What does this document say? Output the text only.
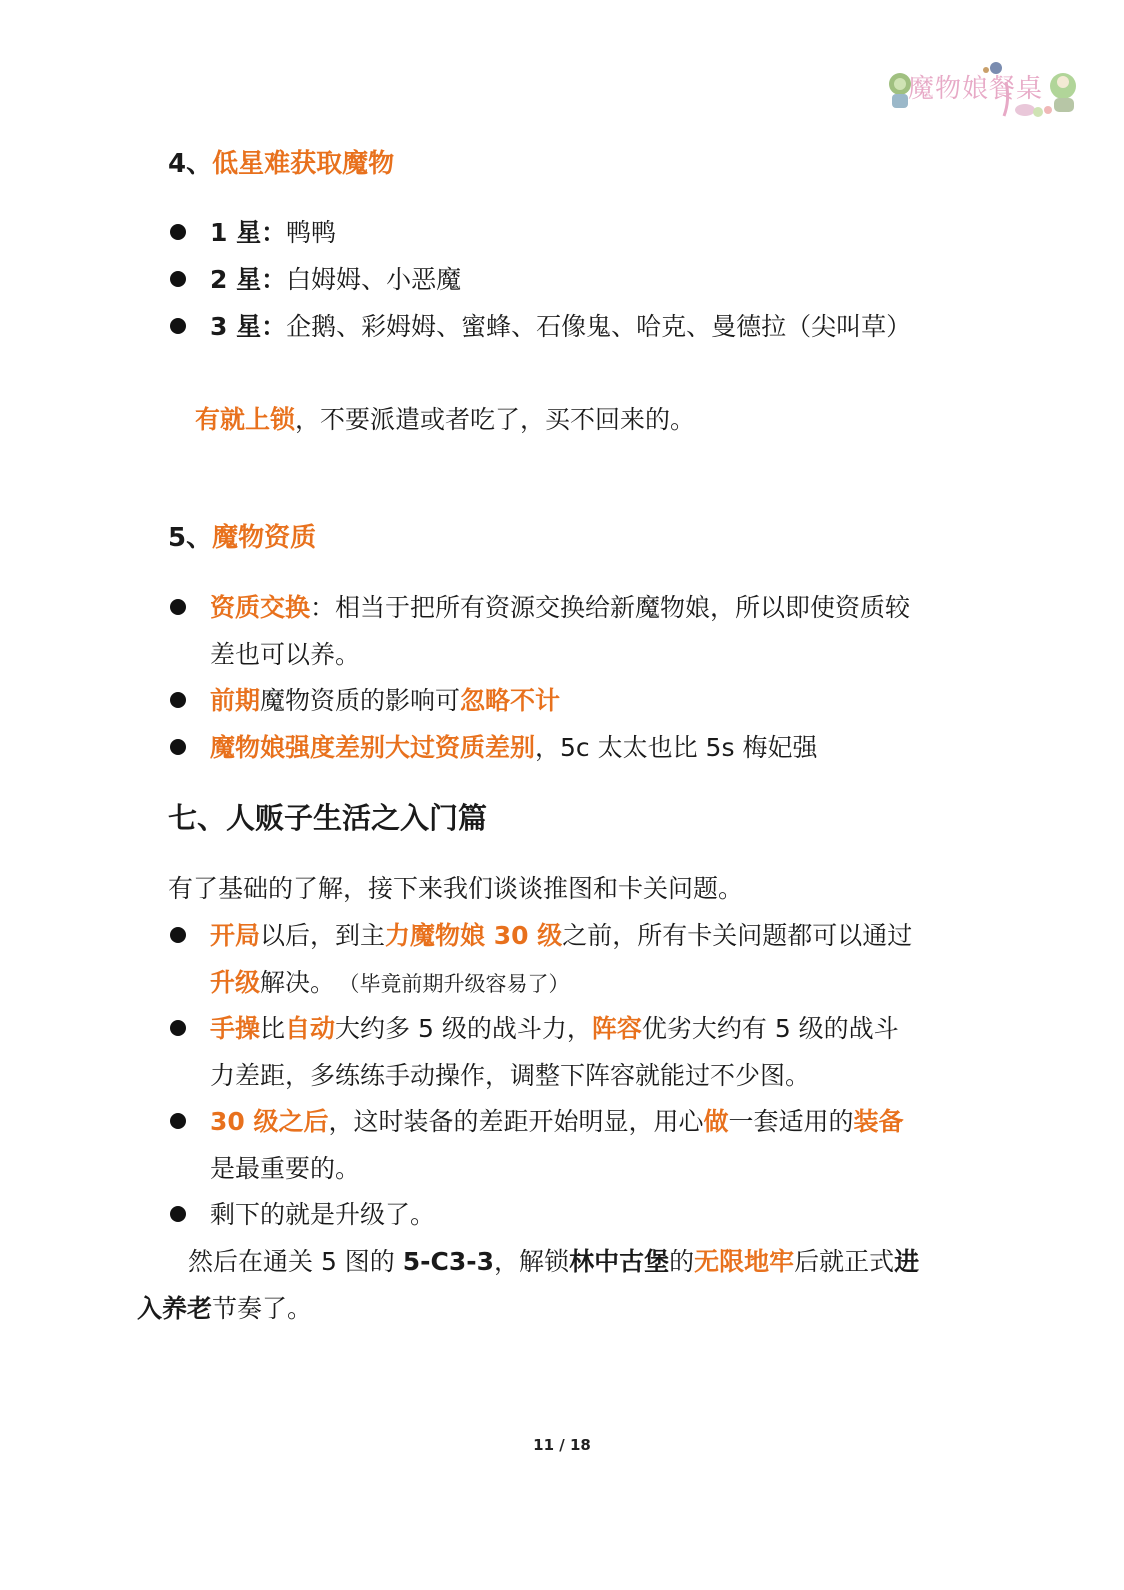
魔物娘餐桌
4、低星难获取魔物
1 星：鸭鸭
2 星：白姆姆、小恶魔
3 星：企鹅、彩姆姆、蜜蜂、石像鬼、哈克、曼德拉（尖叫草）
有就上锁，不要派遣或者吃了，买不回来的。
5、魔物资质
资质交换：相当于把所有资源交换给新魔物娘，所以即使资质较
差也可以养。
前期魔物资质的影响可忽略不计
魔物娘强度差别大过资质差别，5c 太太也比 5s 梅妃强
七、人贩子生活之入门篇
有了基础的了解，接下来我们谈谈推图和卡关问题。
开局以后，到主力魔物娘 30 级之前，所有卡关问题都可以通过
升级解决。 （毕竟前期升级容易了）
手操比自动大约多 5 级的战斗力，阵容优劣大约有 5 级的战斗
力差距，多练练手动操作，调整下阵容就能过不少图。
30 级之后，这时装备的差距开始明显，用心做一套适用的装备
是最重要的。
剩下的就是升级了。
然后在通关 5 图的 5-C3-3，解锁林中古堡的无限地牢后就正式进
入养老节奏了。
11 / 18
